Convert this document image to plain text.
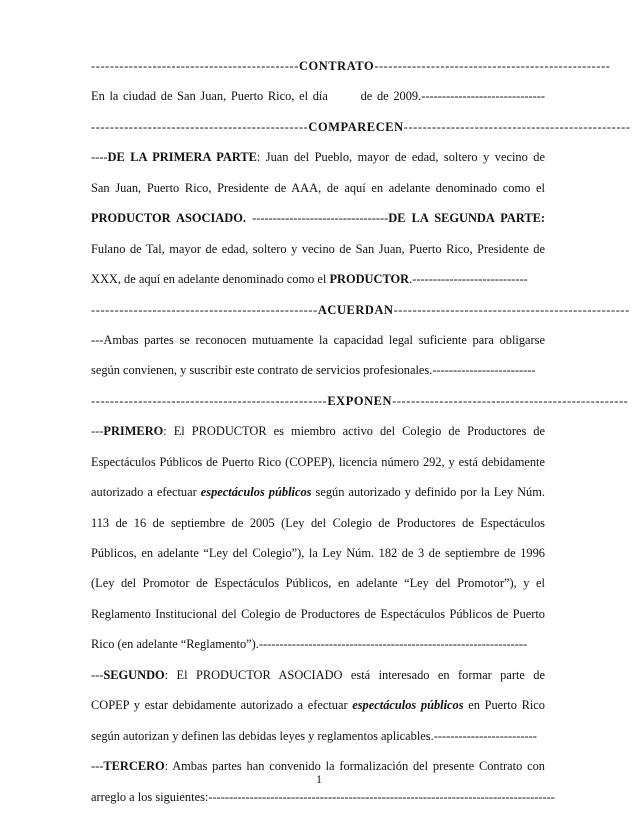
--------------------------------------------CONTRATO--------------------------------------------------
En la ciudad de San Juan, Puerto Rico, el día	de de 2009.------------------------------
----------------------------------------------COMPARECEN------------------------------------------------
----DE LA PRIMERA PARTE: Juan del Pueblo, mayor de edad, soltero y vecino de
San Juan, Puerto Rico, Presidente de AAA, de aquí en adelante denominado como el
PRODUCTOR ASOCIADO. ---------------------------------DE LA SEGUNDA PARTE:
Fulano de Tal, mayor de edad, soltero y vecino de San Juan, Puerto Rico, Presidente de
XXX, de aquí en adelante denominado como el PRODUCTOR.----------------------------
------------------------------------------------ACUERDAN--------------------------------------------------
---Ambas partes se reconocen mutuamente la capacidad legal suficiente para obligarse
según convienen, y suscribir este contrato de servicios profesionales.-------------------------
--------------------------------------------------EXPONEN--------------------------------------------------
---PRIMERO: El PRODUCTOR es miembro activo del Colegio de Productores de
Espectáculos Públicos de Puerto Rico (COPEP), licencia número 292, y está debidamente
autorizado a efectuar espectáculos públicos según autorizado y definido por la Ley Núm.
113 de 16 de septiembre de 2005 (Ley del Colegio de Productores de Espectáculos
Públicos, en adelante “Ley del Colegio”), la Ley Núm. 182 de 3 de septiembre de 1996
(Ley del Promotor de Espectáculos Públicos, en adelante “Ley del Promotor”), y el
Reglamento Institucional del Colegio de Productores de Espectáculos Públicos de Puerto
Rico (en adelante “Reglamento”).-----------------------------------------------------------------
---SEGUNDO: El PRODUCTOR ASOCIADO está interesado en formar parte de
COPEP y estar debidamente autorizado a efectuar espectáculos públicos en Puerto Rico
según autorizan y definen las debidas leyes y reglamentos aplicables.-------------------------
---TERCERO: Ambas partes han convenido la formalización del presente Contrato con
arreglo a los siguientes:------------------------------------------------------------------------------------
1
